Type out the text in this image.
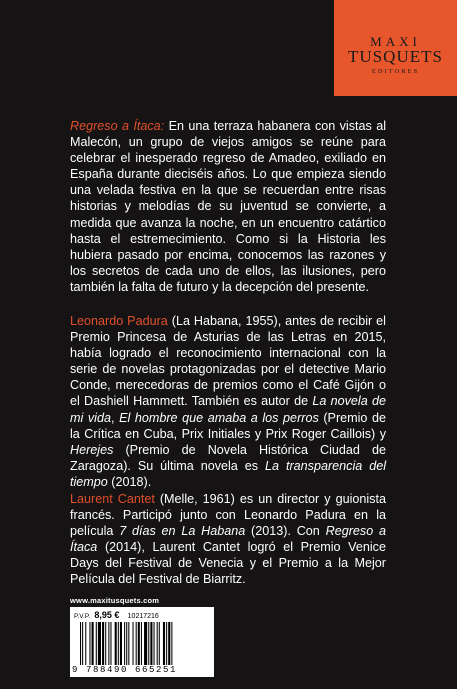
MAXI
TUSQUETS
EDITORES
Regreso a Ítaca: En una terraza habanera con vistas al Malecón, un grupo de viejos amigos se reúne para celebrar el inesperado regreso de Amadeo, exiliado en España durante dieciséis años. Lo que empieza siendo una velada festiva en la que se recuerdan entre risas historias y melodías de su juventud se convierte, a medida que avanza la noche, en un encuentro catártico hasta el estremecimiento. Como si la Historia les hubiera pasado por encima, conocemos las razones y los secretos de cada uno de ellos, las ilusiones, pero también la falta de futuro y la decepción del presente.
Leonardo Padura (La Habana, 1955), antes de recibir el Premio Princesa de Asturias de las Letras en 2015, había logrado el reconocimiento internacional con la serie de novelas protagonizadas por el detective Mario Conde, merecedoras de premios como el Café Gijón o el Dashiell Hammett. También es autor de La novela de mi vida, El hombre que amaba a los perros (Premio de la Crítica en Cuba, Prix Initiales y Prix Roger Caillois) y Herejes (Premio de Novela Histórica Ciudad de Zaragoza). Su última novela es La transparencia del tiempo (2018).
Laurent Cantet (Melle, 1961) es un director y guionista francés. Participó junto con Leonardo Padura en la película 7 días en La Habana (2013). Con Regreso a Ítaca (2014), Laurent Cantet logró el Premio Venice Days del Festival de Venecia y el Premio a la Mejor Película del Festival de Biarritz.
www.maxitusquets.com
P.V.P. 8,95 € 10217216
9 788490 665251
